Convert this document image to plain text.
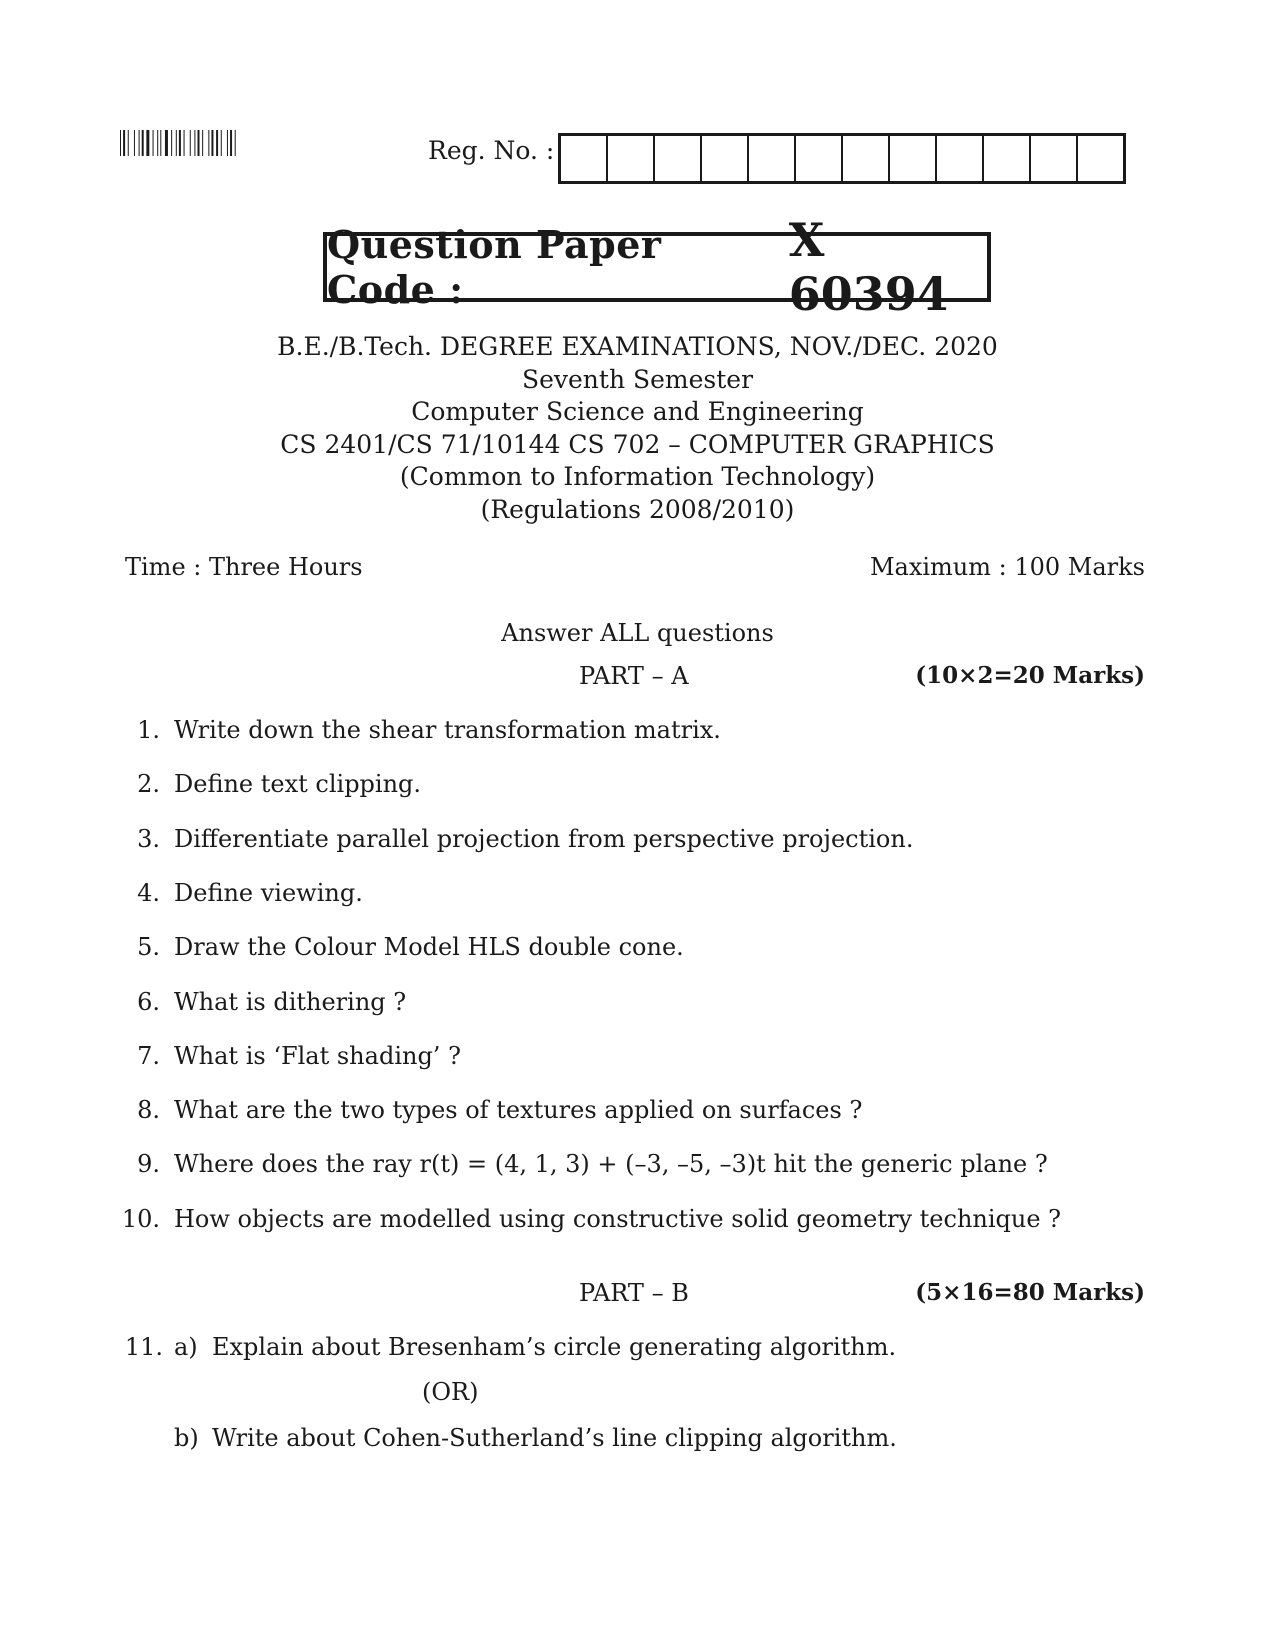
Reg. No. :
Question Paper Code :
X 60394
B.E./B.Tech. DEGREE EXAMINATIONS, NOV./DEC. 2020
Seventh Semester
Computer Science and Engineering
CS 2401/CS 71/10144 CS 702 – COMPUTER GRAPHICS
(Common to Information Technology)
(Regulations 2008/2010)
Time : Three Hours	Maximum : 100 Marks
Answer ALL questions
PART – A	(10×2=20 Marks)
1. Write down the shear transformation matrix.
2. Define text clipping.
3. Differentiate parallel projection from perspective projection.
4. Define viewing.
5. Draw the Colour Model HLS double cone.
6. What is dithering ?
7. What is ‘Flat shading’ ?
8. What are the two types of textures applied on surfaces ?
9. Where does the ray r(t) = (4, 1, 3) + (–3, –5, –3)t hit the generic plane ?
10. How objects are modelled using constructive solid geometry technique ?
PART – B	(5×16=80 Marks)
11. a) Explain about Bresenham’s circle generating algorithm.
(OR)
b) Write about Cohen-Sutherland’s line clipping algorithm.
